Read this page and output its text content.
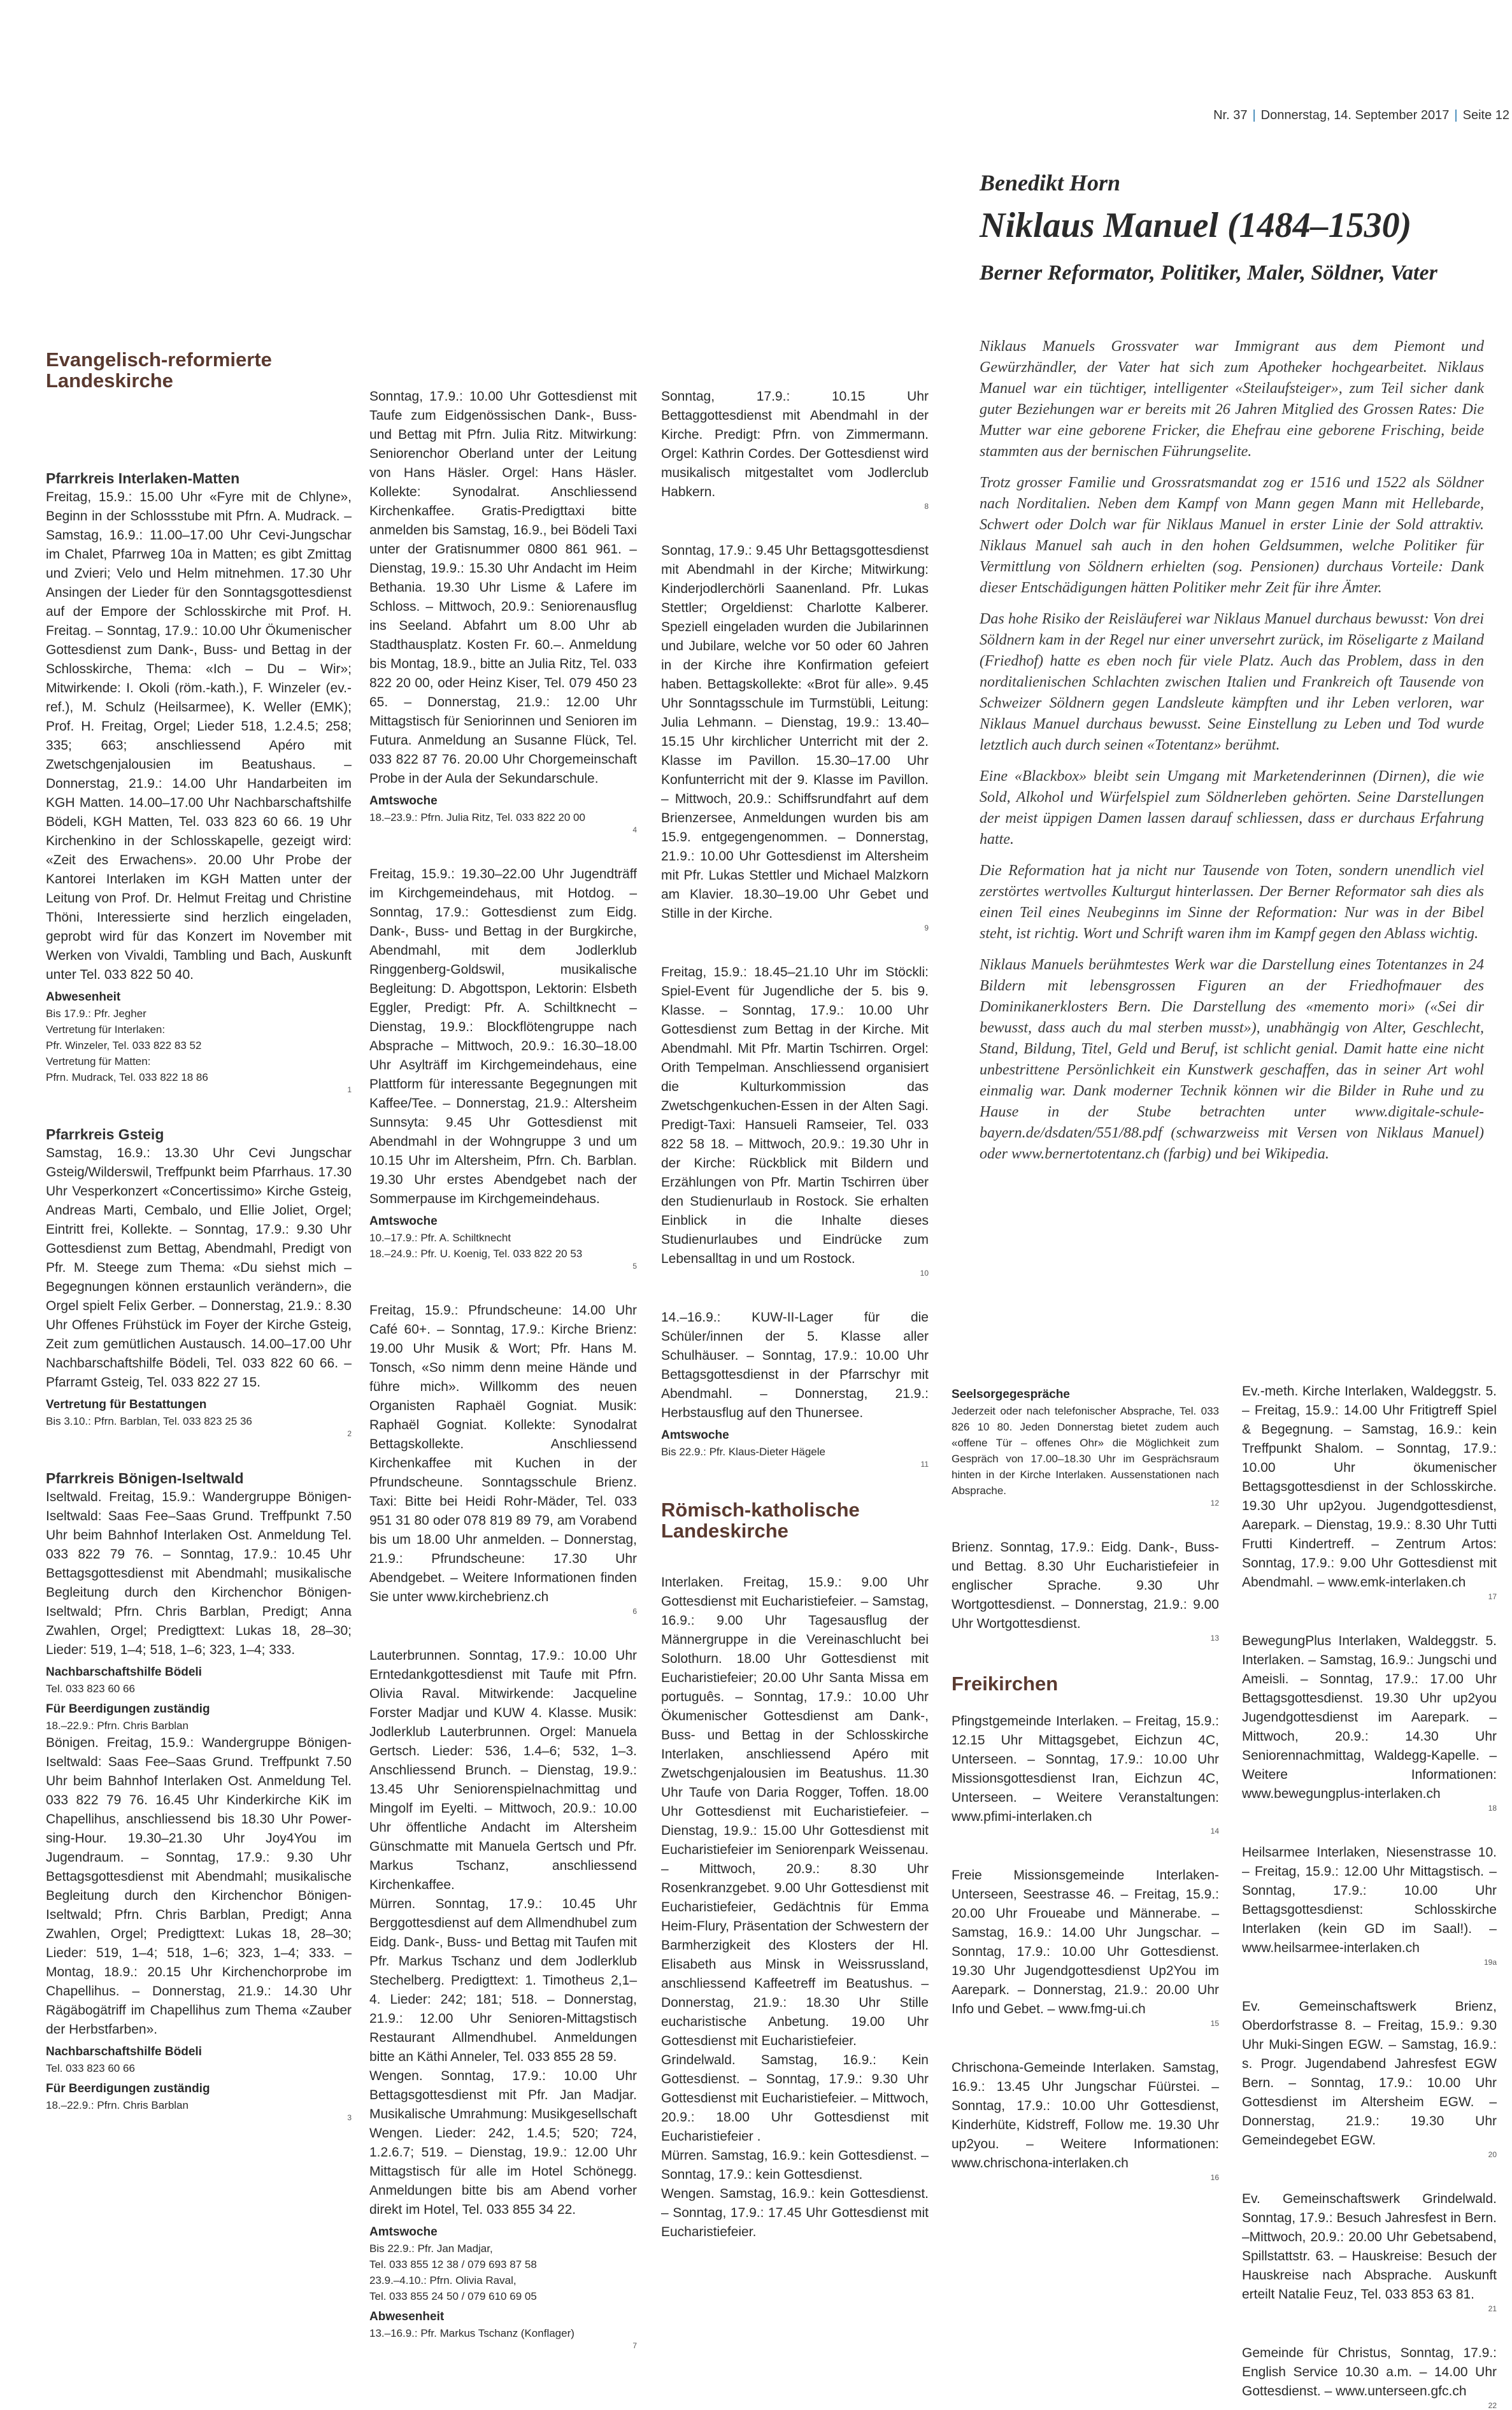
Nr. 37 | Donnerstag, 14. September 2017 | Seite 12
Benedikt Horn
Niklaus Manuel (1484–1530)
Berner Reformator, Politiker, Maler, Söldner, Vater

Niklaus Manuels Grossvater war Immigrant aus dem Piemont und Gewürzhändler, der Vater hat sich zum Apotheker hochgearbeitet. Niklaus Manuel war ein tüchtiger, intelligenter «Steilaufsteiger», zum Teil sicher dank guter Beziehungen war er bereits mit 26 Jahren Mitglied des Grossen Rates: Die Mutter war eine geborene Fricker, die Ehefrau eine geborene Frisching, beide stammten aus der bernischen Führungselite.

Trotz grosser Familie und Grossratsmandat zog er 1516 und 1522 als Söldner nach Norditalien. Neben dem Kampf von Mann gegen Mann mit Hellebarde, Schwert oder Dolch war für Niklaus Manuel in erster Linie der Sold attraktiv. Niklaus Manuel sah auch in den hohen Geldsummen, welche Politiker für Vermittlung von Söldnern erhielten (sog. Pensionen) durchaus Vorteile: Dank dieser Entschädigungen hätten Politiker mehr Zeit für ihre Ämter.

Das hohe Risiko der Reisläuferei war Niklaus Manuel durchaus bewusst: Von drei Söldnern kam in der Regel nur einer unversehrt zurück, im Röseligarte z Mailand (Friedhof) hatte es eben noch für viele Platz. Auch das Problem, dass in den norditalienischen Schlachten zwischen Italien und Frankreich oft Tausende von Schweizer Söldnern gegen Landsleute kämpften und ihr Leben verloren, war Niklaus Manuel durchaus bewusst. Seine Einstellung zu Leben und Tod wurde letztlich auch durch seinen «Totentanz» berühmt.

Eine «Blackbox» bleibt sein Umgang mit Marketenderinnen (Dirnen), die wie Sold, Alkohol und Würfelspiel zum Söldnerleben gehörten. Seine Darstellungen der meist üppigen Damen lassen darauf schliessen, dass er durchaus Erfahrung hatte.

Die Reformation hat ja nicht nur Tausende von Toten, sondern unendlich viel zerstörtes wertvolles Kulturgut hinterlassen. Der Berner Reformator sah dies als einen Teil eines Neubeginns im Sinne der Reformation: Nur was in der Bibel steht, ist richtig. Wort und Schrift waren ihm im Kampf gegen den Ablass wichtig.

Niklaus Manuels berühmtestes Werk war die Darstellung eines Totentanzes in 24 Bildern mit lebensgrossen Figuren an der Friedhofmauer des Dominikanerklosters Bern. Die Darstellung des «memento mori» («Sei dir bewusst, dass auch du mal sterben musst»), unabhängig von Alter, Geschlecht, Stand, Bildung, Titel, Geld und Beruf, ist schlicht genial. Damit hatte eine nicht unbestrittene Persönlichkeit ein Kunstwerk geschaffen, das in seiner Art wohl einmalig war. Dank moderner Technik können wir die Bilder in Ruhe und zu Hause in der Stube betrachten unter www.digitale-schule-bayern.de/dsdaten/551/88.pdf (schwarzweiss mit Versen von Niklaus Manuel) oder www.bernertotentanz.ch (farbig) und bei Wikipedia.

Evangelisch-reformierte Landeskirche
Pfarrkreis Interlaken-Matten

Freitag, 15.9.: 15.00 Uhr «Fyre mit de Chlyne», Beginn in der Schlossstube mit Pfrn. A. Mudrack. – Samstag, 16.9.: 11.00–17.00 Uhr Cevi-Jungschar im Chalet, Pfarrweg 10a in Matten; es gibt Zmittag und Zvieri; Velo und Helm mitnehmen. 17.30 Uhr Ansingen der Lieder für den Sonntagsgottesdienst auf der Empore der Schlosskirche mit Prof. H. Freitag. – Sonntag, 17.9.: 10.00 Uhr Ökumenischer Gottesdienst zum Dank-, Buss- und Bettag in der Schlosskirche, Thema: «Ich – Du – Wir»; Mitwirkende: I. Okoli (röm.-kath.), F. Winzeler (ev.-ref.), M. Schulz (Heilsarmee), K. Weller (EMK); Prof. H. Freitag, Orgel; Lieder 518, 1.2.4.5; 258; 335; 663; anschliessend Apéro mit Zwetschgenjalousien im Beatushaus. – Donnerstag, 21.9.: 14.00 Uhr Handarbeiten im KGH Matten. 14.00–17.00 Uhr Nachbarschaftshilfe Bödeli, KGH Matten, Tel. 033 823 60 66. 19 Uhr Kirchenkino in der Schlosskapelle, gezeigt wird: «Zeit des Erwachens». 20.00 Uhr Probe der Kantorei Interlaken im KGH Matten unter der Leitung von Prof. Dr. Helmut Freitag und Christine Thöni, Interessierte sind herzlich eingeladen, geprobt wird für das Konzert im November mit Werken von Vivaldi, Tambling und Bach, Auskunft unter Tel. 033 822 50 40.

Abwesenheit
Bis 17.9.: Pfr. Jegher
Vertretung für Interlaken:
Pfr. Winzeler, Tel. 033 822 83 52
Vertretung für Matten:
Pfrn. Mudrack, Tel. 033 822 18 86
1
Pfarrkreis Gsteig

Samstag, 16.9.: 13.30 Uhr Cevi Jungschar Gsteig/Wilderswil, Treffpunkt beim Pfarrhaus. 17.30 Uhr Vesperkonzert «Concertissimo» Kirche Gsteig, Andreas Marti, Cembalo, und Ellie Joliet, Orgel; Eintritt frei, Kollekte. – Sonntag, 17.9.: 9.30 Uhr Gottesdienst zum Bettag, Abendmahl, Predigt von Pfr. M. Steege zum Thema: «Du siehst mich – Begegnungen können erstaunlich verändern», die Orgel spielt Felix Gerber. – Donnerstag, 21.9.: 8.30 Uhr Offenes Frühstück im Foyer der Kirche Gsteig, Zeit zum gemütlichen Austausch. 14.00–17.00 Uhr Nachbarschaftshilfe Bödeli, Tel. 033 822 60 66. – Pfarramt Gsteig, Tel. 033 822 27 15.

Vertretung für Bestattungen
Bis 3.10.: Pfrn. Barblan, Tel. 033 823 25 36
2
Pfarrkreis Bönigen-Iseltwald

Iseltwald. Freitag, 15.9.: Wandergruppe Bönigen-Iseltwald: Saas Fee–Saas Grund. Treffpunkt 7.50 Uhr beim Bahnhof Interlaken Ost. Anmeldung Tel. 033 822 79 76. – Sonntag, 17.9.: 10.45 Uhr Bettagsgottesdienst mit Abendmahl; musikalische Begleitung durch den Kirchenchor Bönigen-Iseltwald; Pfrn. Chris Barblan, Predigt; Anna Zwahlen, Orgel; Predigttext: Lukas 18, 28–30; Lieder: 519, 1–4; 518, 1–6; 323, 1–4; 333.

Nachbarschaftshilfe Bödeli
Tel. 033 823 60 66
Für Beerdigungen zuständig
18.–22.9.: Pfrn. Chris Barblan

Bönigen. Freitag, 15.9.: Wandergruppe Bönigen-Iseltwald: Saas Fee–Saas Grund. Treffpunkt 7.50 Uhr beim Bahnhof Interlaken Ost. Anmeldung Tel. 033 822 79 76. 16.45 Uhr Kinderkirche KiK im Chapellihus, anschliessend bis 18.30 Uhr Power-sing-Hour. 19.30–21.30 Uhr Joy4You im Jugendraum. – Sonntag, 17.9.: 9.30 Uhr Bettagsgottesdienst mit Abendmahl; musikalische Begleitung durch den Kirchenchor Bönigen-Iseltwald; Pfrn. Chris Barblan, Predigt; Anna Zwahlen, Orgel; Predigttext: Lukas 18, 28–30; Lieder: 519, 1–4; 518, 1–6; 323, 1–4; 333. – Montag, 18.9.: 20.15 Uhr Kirchenchorprobe im Chapellihus. – Donnerstag, 21.9.: 14.30 Uhr Rägäbogätriff im Chapellihus zum Thema «Zauber der Herbstfarben».

Nachbarschaftshilfe Bödeli
Tel. 033 823 60 66
Für Beerdigungen zuständig
18.–22.9.: Pfrn. Chris Barblan
3

Sonntag, 17.9.: 10.00 Uhr Gottesdienst mit Taufe zum Eidgenössischen Dank-, Buss- und Bettag mit Pfrn. Julia Ritz. Mitwirkung: Seniorenchor Oberland unter der Leitung von Hans Häsler. Orgel: Hans Häsler. Kollekte: Synodalrat. Anschliessend Kirchenkaffee. Gratis-Predigttaxi bitte anmelden bis Samstag, 16.9., bei Bödeli Taxi unter der Gratisnummer 0800 861 961. – Dienstag, 19.9.: 15.30 Uhr Andacht im Heim Bethania. 19.30 Uhr Lisme & Lafere im Schloss. – Mittwoch, 20.9.: Seniorenausflug ins Seeland. Abfahrt um 8.00 Uhr ab Stadthausplatz. Kosten Fr. 60.–. Anmeldung bis Montag, 18.9., bitte an Julia Ritz, Tel. 033 822 20 00, oder Heinz Kiser, Tel. 079 450 23 65. – Donnerstag, 21.9.: 12.00 Uhr Mittagstisch für Seniorinnen und Senioren im Futura. Anmeldung an Susanne Flück, Tel. 033 822 87 76. 20.00 Uhr Chorgemeinschaft Probe in der Aula der Sekundarschule.

Amtswoche
18.–23.9.: Pfrn. Julia Ritz, Tel. 033 822 20 00
4

Freitag, 15.9.: 19.30–22.00 Uhr Jugendträff im Kirchgemeindehaus, mit Hotdog. – Sonntag, 17.9.: Gottesdienst zum Eidg. Dank-, Buss- und Bettag in der Burgkirche, Abendmahl, mit dem Jodlerklub Ringgenberg-Goldswil, musikalische Begleitung: D. Abgottspon, Lektorin: Elsbeth Eggler, Predigt: Pfr. A. Schiltknecht – Dienstag, 19.9.: Blockflötengruppe nach Absprache – Mittwoch, 20.9.: 16.30–18.00 Uhr Asylträff im Kirchgemeindehaus, eine Plattform für interessante Begegnungen mit Kaffee/Tee. – Donnerstag, 21.9.: Altersheim Sunnsyta: 9.45 Uhr Gottesdienst mit Abendmahl in der Wohngruppe 3 und um 10.15 Uhr im Altersheim, Pfrn. Ch. Barblan. 19.30 Uhr erstes Abendgebet nach der Sommerpause im Kirchgemeindehaus.

Amtswoche
10.–17.9.: Pfr. A. Schiltknecht
18.–24.9.: Pfr. U. Koenig, Tel. 033 822 20 53
5

Freitag, 15.9.: Pfrundscheune: 14.00 Uhr Café 60+. – Sonntag, 17.9.: Kirche Brienz: 19.00 Uhr Musik & Wort; Pfr. Hans M. Tonsch, «So nimm denn meine Hände und führe mich». Willkomm des neuen Organisten Raphaël Gogniat. Musik: Raphaël Gogniat. Kollekte: Synodalrat Bettagskollekte. Anschliessend Kirchenkaffee mit Kuchen in der Pfrundscheune. Sonntagsschule Brienz. Taxi: Bitte bei Heidi Rohr-Mäder, Tel. 033 951 31 80 oder 078 819 89 79, am Vorabend bis um 18.00 Uhr anmelden. – Donnerstag, 21.9.: Pfrundscheune: 17.30 Uhr Abendgebet. – Weitere Informationen finden Sie unter www.kirchebrienz.ch

6

Lauterbrunnen. Sonntag, 17.9.: 10.00 Uhr Erntedankgottesdienst mit Taufe mit Pfrn. Olivia Raval. Mitwirkende: Jacqueline Forster Madjar und KUW 4. Klasse. Musik: Jodlerklub Lauterbrunnen. Orgel: Manuela Gertsch. Lieder: 536, 1.4–6; 532, 1–3. Anschliessend Brunch. – Dienstag, 19.9.: 13.45 Uhr Seniorenspielnachmittag und Mingolf im Eyelti. – Mittwoch, 20.9.: 10.00 Uhr öffentliche Andacht im Altersheim Günschmatte mit Manuela Gertsch und Pfr. Markus Tschanz, anschliessend Kirchenkaffee.

Mürren. Sonntag, 17.9.: 10.45 Uhr Berggottesdienst auf dem Allmendhubel zum Eidg. Dank-, Buss- und Bettag mit Taufen mit Pfr. Markus Tschanz und dem Jodlerklub Stechelberg. Predigttext: 1. Timotheus 2,1–4. Lieder: 242; 181; 518. – Donnerstag, 21.9.: 12.00 Uhr Senioren-Mittagstisch Restaurant Allmendhubel. Anmeldungen bitte an Käthi Anneler, Tel. 033 855 28 59.

Wengen. Sonntag, 17.9.: 10.00 Uhr Bettagsgottesdienst mit Pfr. Jan Madjar. Musikalische Umrahmung: Musikgesellschaft Wengen. Lieder: 242, 1.4.5; 520; 724, 1.2.6.7; 519. – Dienstag, 19.9.: 12.00 Uhr Mittagstisch für alle im Hotel Schönegg. Anmeldungen bitte bis am Abend vorher direkt im Hotel, Tel. 033 855 34 22.

Amtswoche
Bis 22.9.: Pfr. Jan Madjar,
Tel. 033 855 12 38 / 079 693 87 58
23.9.–4.10.: Pfrn. Olivia Raval,
Tel. 033 855 24 50 / 079 610 69 05
Abwesenheit
13.–16.9.: Pfr. Markus Tschanz (Konflager)
7

Sonntag, 17.9.: 10.15 Uhr Bettaggottesdienst mit Abendmahl in der Kirche. Predigt: Pfrn. von Zimmermann. Orgel: Kathrin Cordes. Der Gottesdienst wird musikalisch mitgestaltet vom Jodlerclub Habkern.

8

Sonntag, 17.9.: 9.45 Uhr Bettagsgottesdienst mit Abendmahl in der Kirche; Mitwirkung: Kinderjodlerchörli Saanenland. Pfr. Lukas Stettler; Orgeldienst: Charlotte Kalberer. Speziell eingeladen wurden die Jubilarinnen und Jubilare, welche vor 50 oder 60 Jahren in der Kirche ihre Konfirmation gefeiert haben. Bettagskollekte: «Brot für alle». 9.45 Uhr Sonntagsschule im Turmstübli, Leitung: Julia Lehmann. – Dienstag, 19.9.: 13.40–15.15 Uhr kirchlicher Unterricht mit der 2. Klasse im Pavillon. 15.30–17.00 Uhr Konfunterricht mit der 9. Klasse im Pavillon. – Mittwoch, 20.9.: Schiffsrundfahrt auf dem Brienzersee, Anmeldungen wurden bis am 15.9. entgegengenommen. – Donnerstag, 21.9.: 10.00 Uhr Gottesdienst im Altersheim mit Pfr. Lukas Stettler und Michael Malzkorn am Klavier. 18.30–19.00 Uhr Gebet und Stille in der Kirche.

9

Freitag, 15.9.: 18.45–21.10 Uhr im Stöckli: Spiel-Event für Jugendliche der 5. bis 9. Klasse. – Sonntag, 17.9.: 10.00 Uhr Gottesdienst zum Bettag in der Kirche. Mit Abendmahl. Mit Pfr. Martin Tschirren. Orgel: Orith Tempelman. Anschliessend organisiert die Kulturkommission das Zwetschgenkuchen-Essen in der Alten Sagi. Predigt-Taxi: Hansueli Ramseier, Tel. 033 822 58 18. – Mittwoch, 20.9.: 19.30 Uhr in der Kirche: Rückblick mit Bildern und Erzählungen von Pfr. Martin Tschirren über den Studienurlaub in Rostock. Sie erhalten Einblick in die Inhalte dieses Studienurlaubes und Eindrücke zum Lebensalltag in und um Rostock.

10

14.–16.9.: KUW-II-Lager für die Schüler/innen der 5. Klasse aller Schulhäuser. – Sonntag, 17.9.: 10.00 Uhr Bettagsgottesdienst in der Pfarrschyr mit Abendmahl. – Donnerstag, 21.9.: Herbstausflug auf den Thunersee.

Amtswoche
Bis 22.9.: Pfr. Klaus-Dieter Hägele
11
Römisch-katholische Landeskirche

Interlaken. Freitag, 15.9.: 9.00 Uhr Gottesdienst mit Eucharistiefeier. – Samstag, 16.9.: 9.00 Uhr Tagesausflug der Männergruppe in die Vereinaschlucht bei Solothurn. 18.00 Uhr Gottesdienst mit Eucharistiefeier; 20.00 Uhr Santa Missa em português. – Sonntag, 17.9.: 10.00 Uhr Ökumenischer Gottesdienst am Dank-, Buss- und Bettag in der Schlosskirche Interlaken, anschliessend Apéro mit Zwetschgenjalousien im Beatushus. 11.30 Uhr Taufe von Daria Rogger, Toffen. 18.00 Uhr Gottesdienst mit Eucharistiefeier. – Dienstag, 19.9.: 15.00 Uhr Gottesdienst mit Eucharistiefeier im Seniorenpark Weissenau. – Mittwoch, 20.9.: 8.30 Uhr Rosenkranzgebet. 9.00 Uhr Gottesdienst mit Eucharistiefeier, Gedächtnis für Emma Heim-Flury, Präsentation der Schwestern der Barmherzigkeit des Klosters der Hl. Elisabeth aus Minsk in Weissrussland, anschliessend Kaffeetreff im Beatushus. – Donnerstag, 21.9.: 18.30 Uhr Stille eucharistische Anbetung. 19.00 Uhr Gottesdienst mit Eucharistiefeier.

Grindelwald. Samstag, 16.9.: Kein Gottesdienst. – Sonntag, 17.9.: 9.30 Uhr Gottesdienst mit Eucharistiefeier. – Mittwoch, 20.9.: 18.00 Uhr Gottesdienst mit Eucharistiefeier .

Mürren. Samstag, 16.9.: kein Gottesdienst. – Sonntag, 17.9.: kein Gottesdienst.

Wengen. Samstag, 16.9.: kein Gottesdienst. – Sonntag, 17.9.: 17.45 Uhr Gottesdienst mit Eucharistiefeier.

Seelsorgegespräche
Jederzeit oder nach telefonischer Absprache, Tel. 033 826 10 80. Jeden Donnerstag bietet zudem auch «offene Tür – offenes Ohr» die Möglichkeit zum Gespräch von 17.00–18.30 Uhr im Gesprächsraum hinten in der Kirche Interlaken. Aussenstationen nach Absprache.
12

Brienz. Sonntag, 17.9.: Eidg. Dank-, Buss- und Bettag. 8.30 Uhr Eucharistiefeier in englischer Sprache. 9.30 Uhr Wortgottesdienst. – Donnerstag, 21.9.: 9.00 Uhr Wortgottesdienst.

13
Freikirchen

Pfingstgemeinde Interlaken. – Freitag, 15.9.: 12.15 Uhr Mittagsgebet, Eichzun 4C, Unterseen. – Sonntag, 17.9.: 10.00 Uhr Missionsgottesdienst Iran, Eichzun 4C, Unterseen. – Weitere Veranstaltungen: www.pfimi-interlaken.ch

14

Freie Missionsgemeinde Interlaken-Unterseen, Seestrasse 46. – Freitag, 15.9.: 20.00 Uhr Froueabe und Männerabe. – Samstag, 16.9.: 14.00 Uhr Jungschar. – Sonntag, 17.9.: 10.00 Uhr Gottesdienst. 19.30 Uhr Jugendgottesdienst Up2You im Aarepark. – Donnerstag, 21.9.: 20.00 Uhr Info und Gebet. – www.fmg-ui.ch

15

Chrischona-Gemeinde Interlaken. Samstag, 16.9.: 13.45 Uhr Jungschar Füürstei. – Sonntag, 17.9.: 10.00 Uhr Gottesdienst, Kinderhüte, Kidstreff, Follow me. 19.30 Uhr up2you. – Weitere Informationen: www.chrischona-interlaken.ch

16

Ev.-meth. Kirche Interlaken, Waldeggstr. 5. – Freitag, 15.9.: 14.00 Uhr Fritigtreff Spiel & Begegnung. – Samstag, 16.9.: kein Treffpunkt Shalom. – Sonntag, 17.9.: 10.00 Uhr ökumenischer Bettagsgottesdienst in der Schlosskirche. 19.30 Uhr up2you. Jugendgottesdienst, Aarepark. – Dienstag, 19.9.: 8.30 Uhr Tutti Frutti Kindertreff. – Zentrum Artos: Sonntag, 17.9.: 9.00 Uhr Gottesdienst mit Abendmahl. – www.emk-interlaken.ch

17

BewegungPlus Interlaken, Waldeggstr. 5. Interlaken. – Samstag, 16.9.: Jungschi und Ameisli. – Sonntag, 17.9.: 17.00 Uhr Bettagsgottesdienst. 19.30 Uhr up2you Jugendgottesdienst im Aarepark. – Mittwoch, 20.9.: 14.30 Uhr Seniorennachmittag, Waldegg-Kapelle. – Weitere Informationen: www.bewegungplus-interlaken.ch

18

Heilsarmee Interlaken, Niesenstrasse 10. – Freitag, 15.9.: 12.00 Uhr Mittagstisch. – Sonntag, 17.9.: 10.00 Uhr Bettagsgottesdienst: Schlosskirche Interlaken (kein GD im Saal!). – www.heilsarmee-interlaken.ch

19a

Ev. Gemeinschaftswerk Brienz, Oberdorfstrasse 8. – Freitag, 15.9.: 9.30 Uhr Muki-Singen EGW. – Samstag, 16.9.: s. Progr. Jugendabend Jahresfest EGW Bern. – Sonntag, 17.9.: 10.00 Uhr Gottesdienst im Altersheim EGW. – Donnerstag, 21.9.: 19.30 Uhr Gemeindegebet EGW.

20

Ev. Gemeinschaftswerk Grindelwald. Sonntag, 17.9.: Besuch Jahresfest in Bern. –Mittwoch, 20.9.: 20.00 Uhr Gebetsabend, Spillstattstr. 63. – Hauskreise: Besuch der Hauskreise nach Absprache. Auskunft erteilt Natalie Feuz, Tel. 033 853 63 81.

21

Gemeinde für Christus, Sonntag, 17.9.: English Service 10.30 a.m. – 14.00 Uhr Gottesdienst. – www.unterseen.gfc.ch

22
